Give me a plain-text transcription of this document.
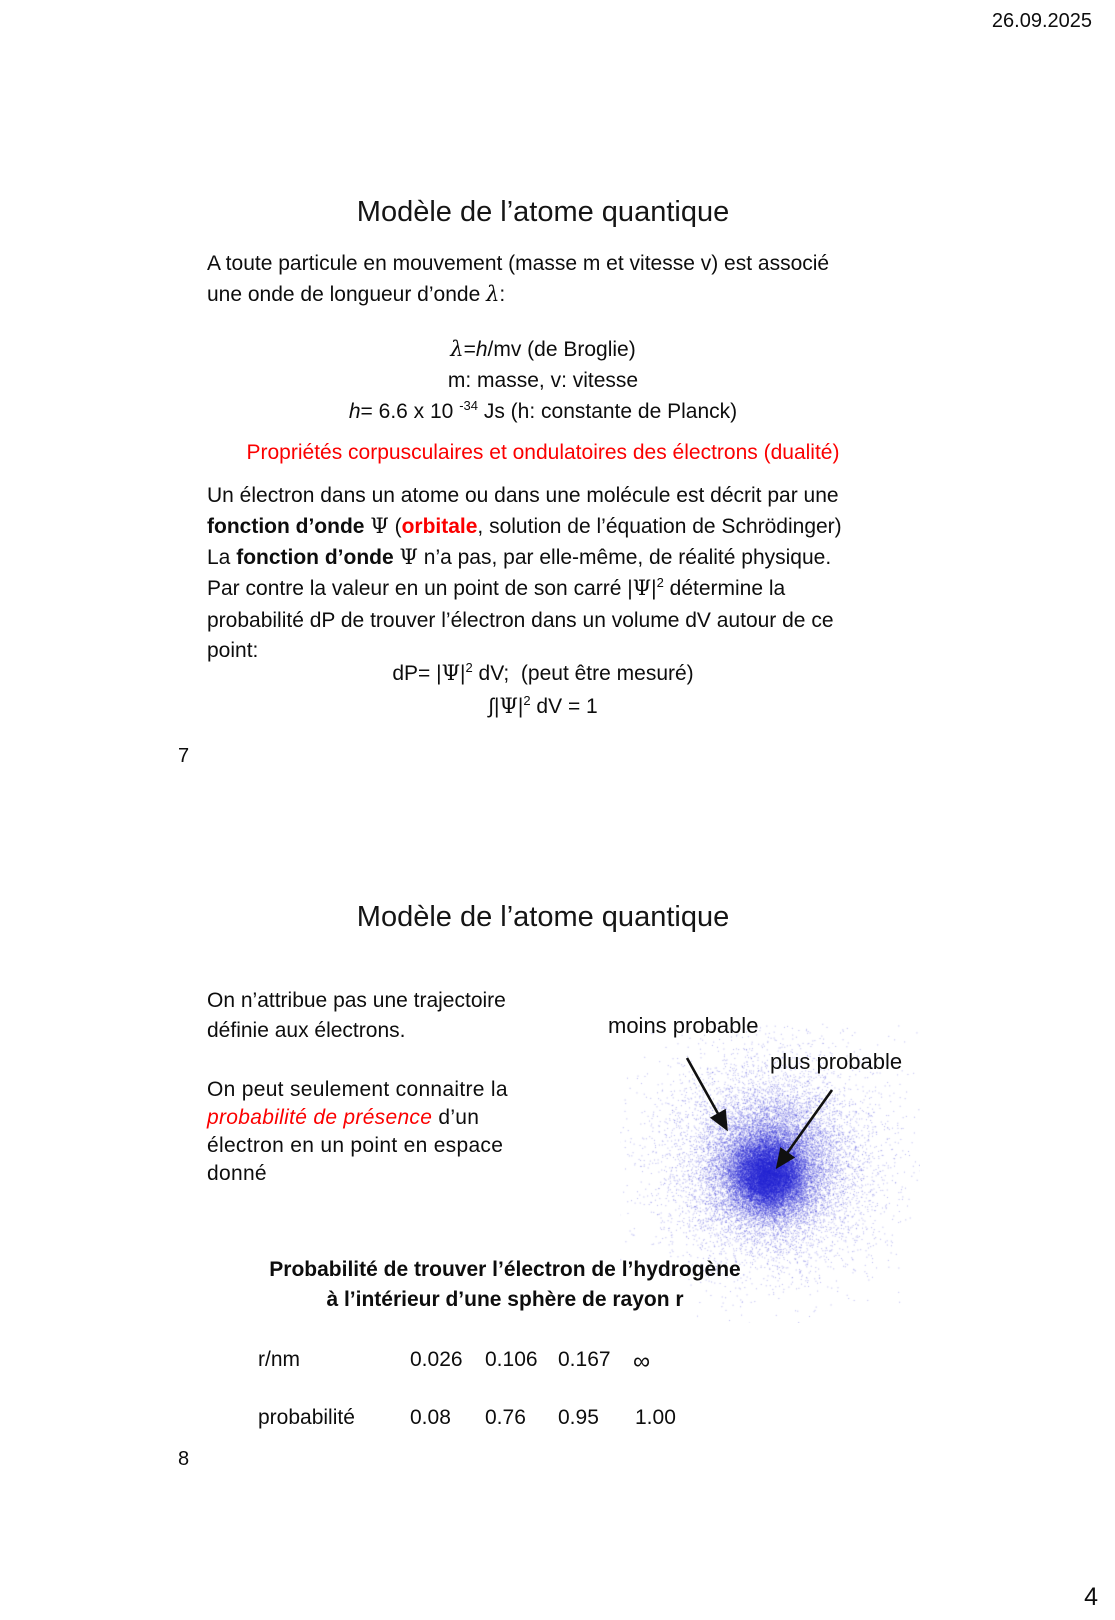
26.09.2025
Modèle de l’atome quantique
A toute particule en mouvement (masse m et vitesse v) est associé
une onde de longueur d’onde λ:
λ=h/mv (de Broglie)
m: masse, v: vitesse
h= 6.6 x 10 $^{-34}$ Js (h: constante de Planck)
Propriétés corpusculaires et ondulatoires des électrons (dualité)
Un électron dans un atome ou dans une molécule est décrit par une
fonction d’onde Ψ (orbitale, solution de l’équation de Schrödinger)
La fonction d’onde Ψ n’a pas, par elle-même, de réalité physique.
Par contre la valeur en un point de son carré $|\Psi|^2$ détermine la
probabilité dP de trouver l’électron dans un volume dV autour de ce
point:
$dP= |\Psi|^2$ dV;  (peut être mesuré)
$\int|\Psi|^2$ dV = 1
7
Modèle de l’atome quantique
On n’attribue pas une trajectoire
définie aux électrons.
On peut seulement connaitre la
probabilité de présence d’un
électron en un point en espace
donné
moins probable
plus probable
Probabilité de trouver l’électron de l’hydrogène
à l’intérieur d’une sphère de rayon r
r/nm	0.026 0.106 0.167 ∞
probabilité	0.08 0.76 0.95 1.00
8
4
